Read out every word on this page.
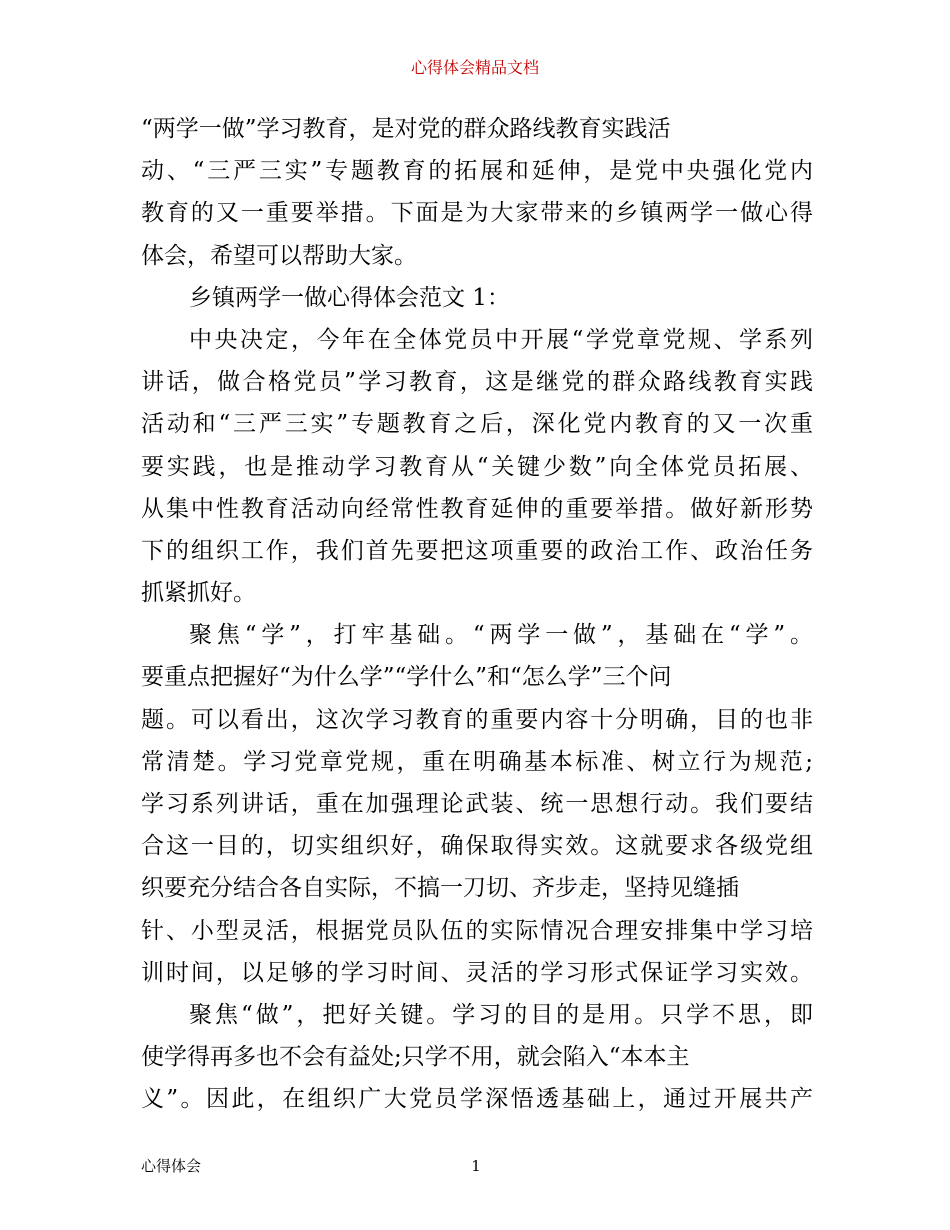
心得体会精品文档
“两学一做”学习教育，是对党的群众路线教育实践活
动、“三严三实”专题教育的拓展和延伸，是党中央强化党内
教育的又一重要举措。下面是为大家带来的乡镇两学一做心得
体会，希望可以帮助大家。
乡镇两学一做心得体会范文 1：
中央决定，今年在全体党员中开展“学党章党规、学系列
讲话，做合格党员”学习教育，这是继党的群众路线教育实践
活动和“三严三实”专题教育之后，深化党内教育的又一次重
要实践，也是推动学习教育从“关键少数”向全体党员拓展、
从集中性教育活动向经常性教育延伸的重要举措。做好新形势
下的组织工作，我们首先要把这项重要的政治工作、政治任务
抓紧抓好。
聚焦“学”，打牢基础。“两学一做”，基础在“学”。
要重点把握好“为什么学”“学什么”和“怎么学”三个问
题。可以看出，这次学习教育的重要内容十分明确，目的也非
常清楚。学习党章党规，重在明确基本标准、树立行为规范;
学习系列讲话，重在加强理论武装、统一思想行动。我们要结
合这一目的，切实组织好，确保取得实效。这就要求各级党组
织要充分结合各自实际，不搞一刀切、齐步走，坚持见缝插
针、小型灵活，根据党员队伍的实际情况合理安排集中学习培
训时间，以足够的学习时间、灵活的学习形式保证学习实效。
聚焦“做”，把好关键。学习的目的是用。只学不思，即
使学得再多也不会有益处;只学不用，就会陷入“本本主
义”。因此，在组织广大党员学深悟透基础上，通过开展共产
心得体会	1
